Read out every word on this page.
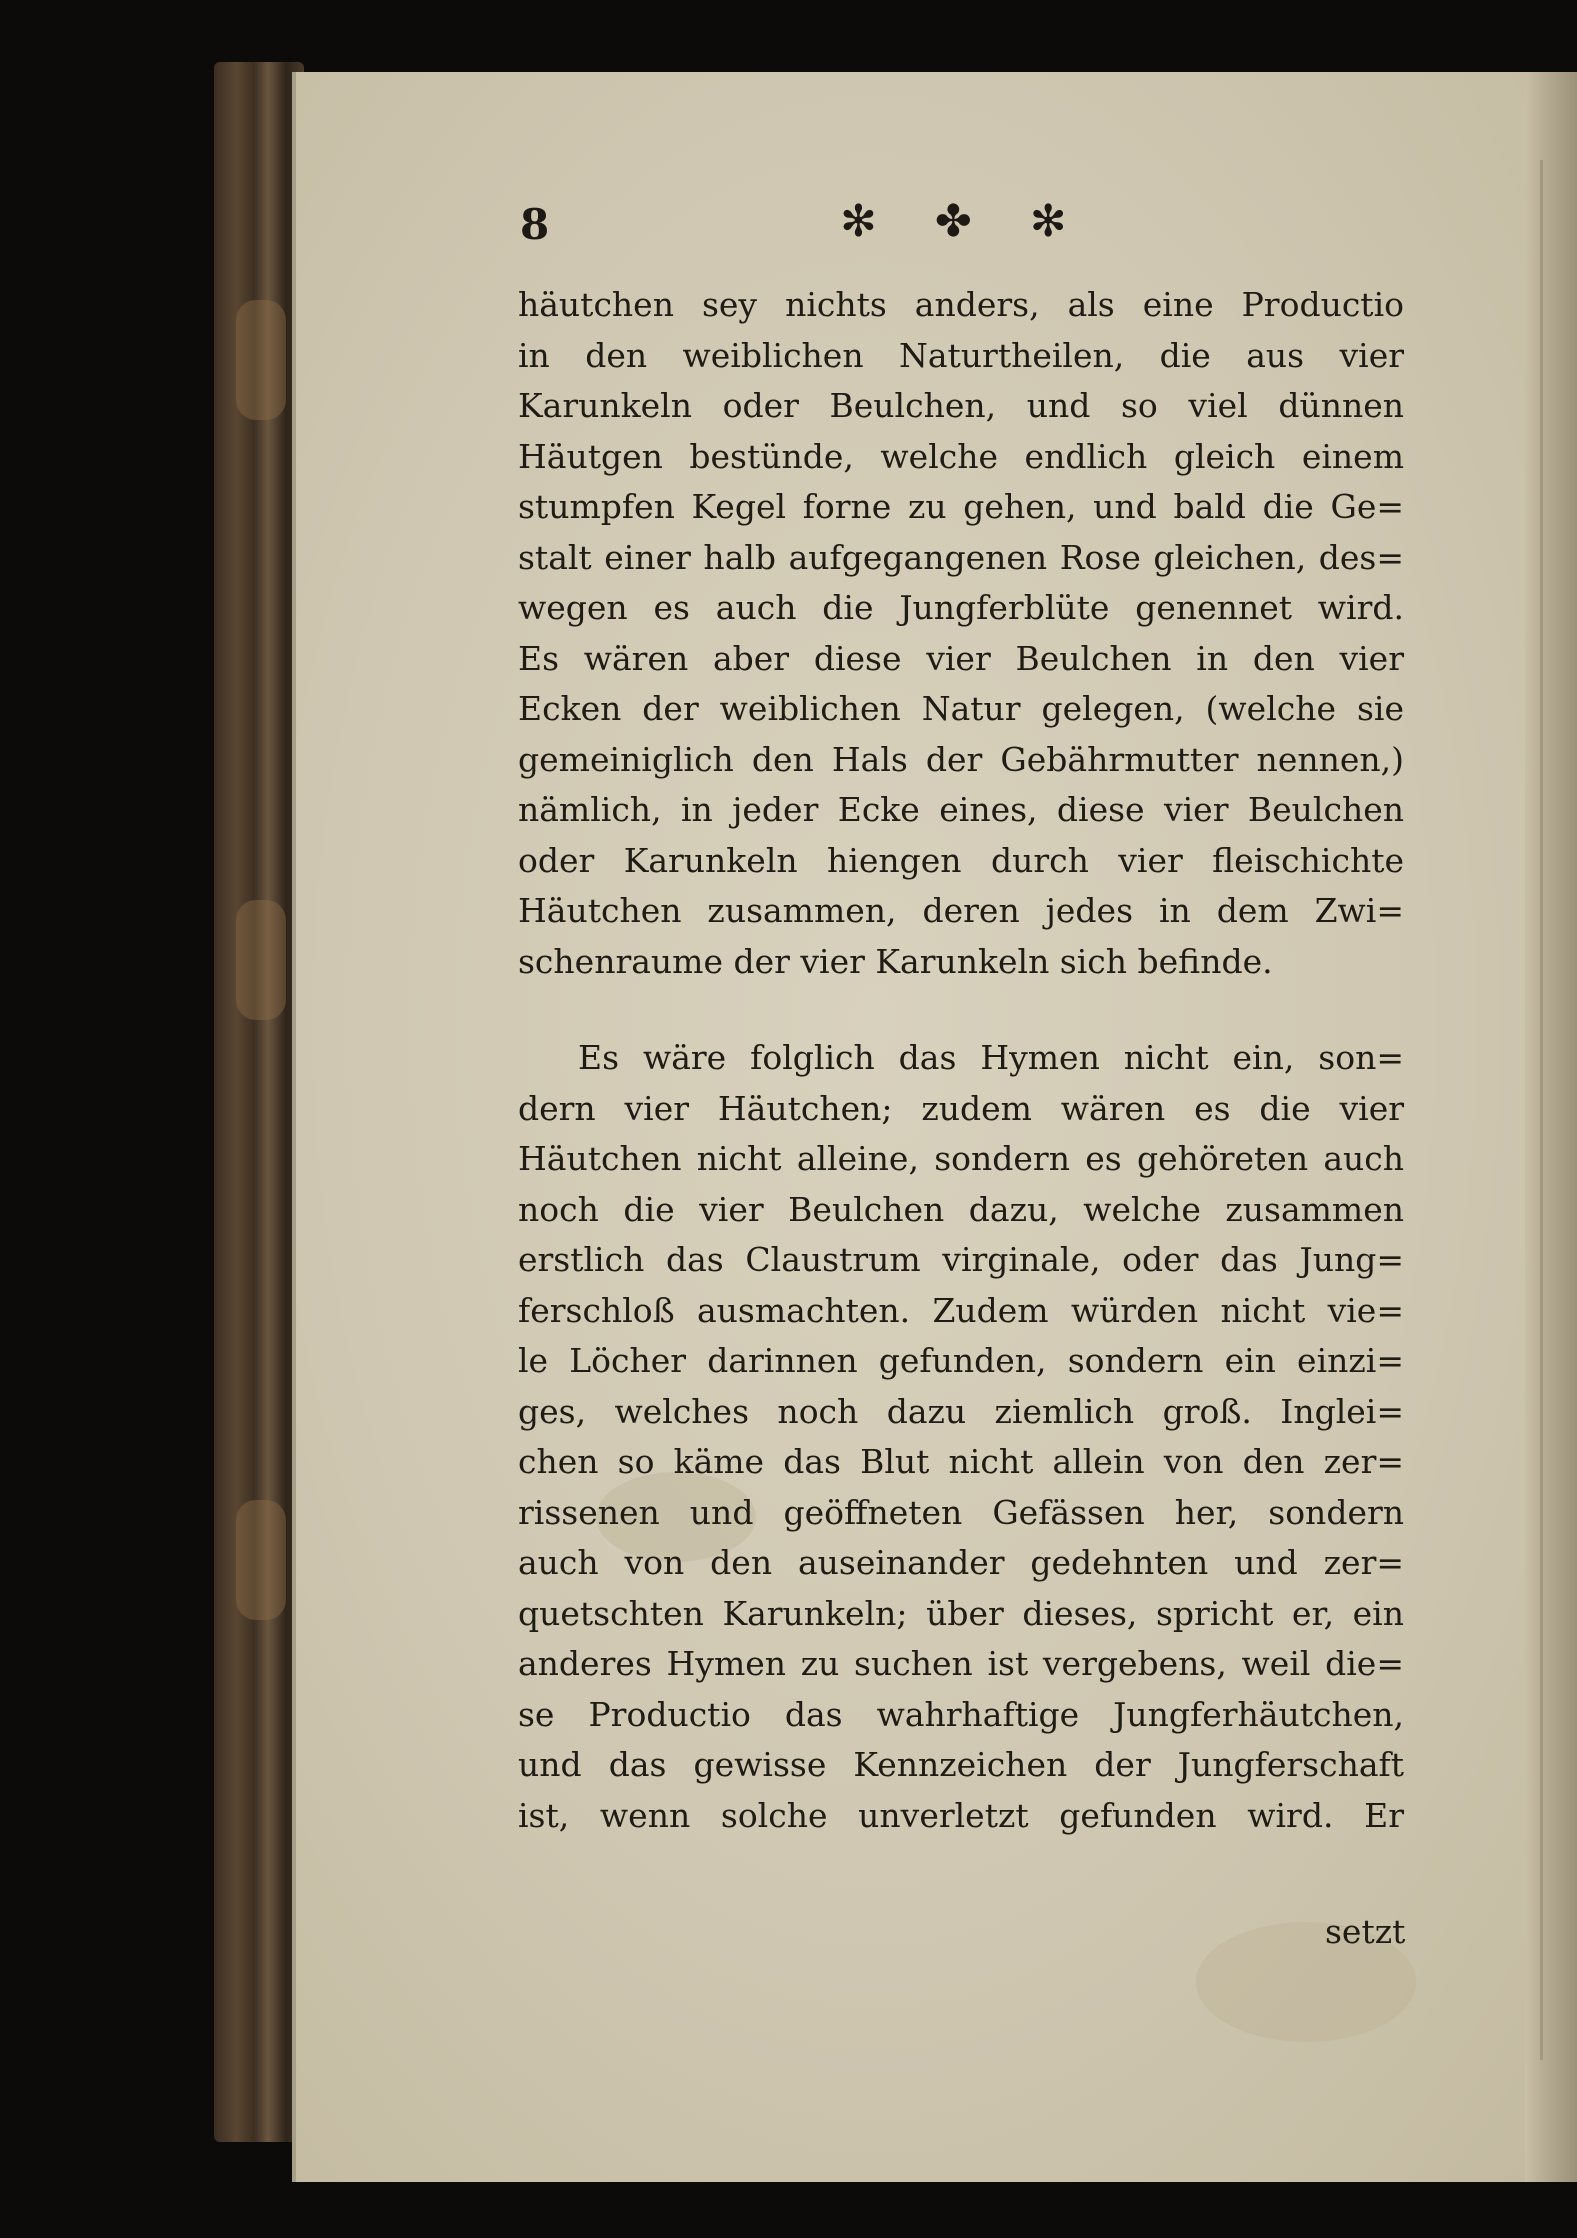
8	✻ ✤ ✻
häutchen sey nichts anders, als eine Productio
in den weiblichen Naturtheilen, die aus vier
Karunkeln oder Beulchen, und so viel dünnen
Häutgen bestünde, welche endlich gleich einem
stumpfen Kegel forne zu gehen, und bald die Ge=
stalt einer halb aufgegangenen Rose gleichen, des=
wegen es auch die Jungferblüte genennet wird.
Es wären aber diese vier Beulchen in den vier
Ecken der weiblichen Natur gelegen, (welche sie
gemeiniglich den Hals der Gebährmutter nennen,)
nämlich, in jeder Ecke eines, diese vier Beulchen
oder Karunkeln hiengen durch vier fleischichte
Häutchen zusammen, deren jedes in dem Zwi=
schenraume der vier Karunkeln sich befinde.
Es wäre folglich das Hymen nicht ein, son=
dern vier Häutchen; zudem wären es die vier
Häutchen nicht alleine, sondern es gehöreten auch
noch die vier Beulchen dazu, welche zusammen
erstlich das Claustrum virginale, oder das Jung=
ferschloß ausmachten. Zudem würden nicht vie=
le Löcher darinnen gefunden, sondern ein einzi=
ges, welches noch dazu ziemlich groß. Inglei=
chen so käme das Blut nicht allein von den zer=
rissenen und geöffneten Gefässen her, sondern
auch von den auseinander gedehnten und zer=
quetschten Karunkeln; über dieses, spricht er, ein
anderes Hymen zu suchen ist vergebens, weil die=
se Productio das wahrhaftige Jungferhäutchen,
und das gewisse Kennzeichen der Jungferschaft
ist, wenn solche unverletzt gefunden wird. Er
setzt
